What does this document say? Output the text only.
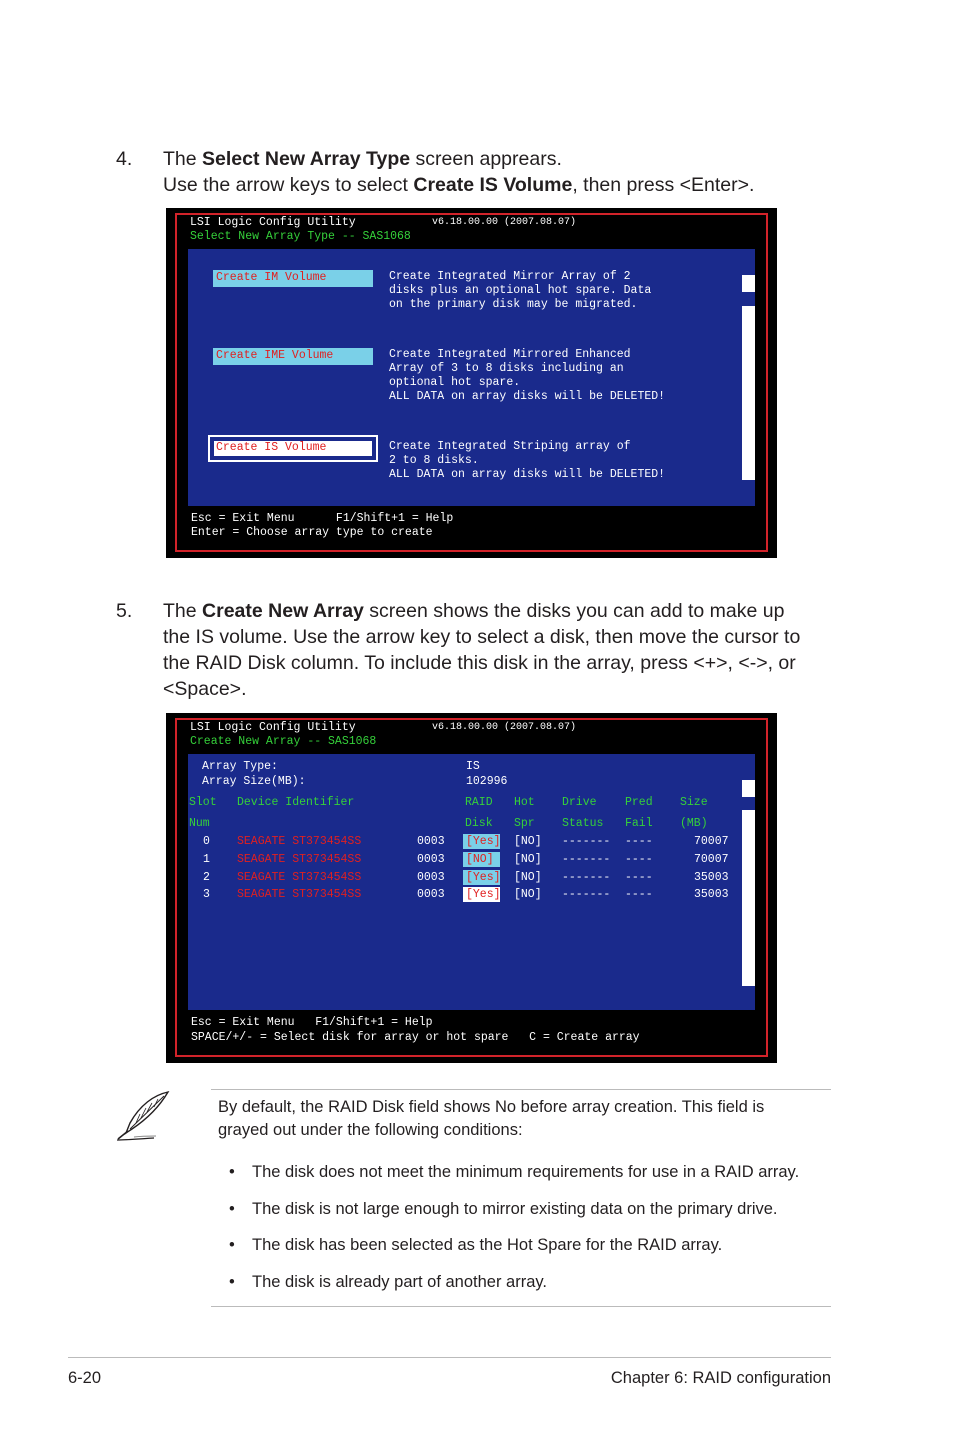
4. The Select New Array Type screen apprears.
Use the arrow keys to select Create IS Volume, then press <Enter>.
LSI Logic Config Utility	v6.18.00.00 (2007.08.07)
Select New Array Type -- SAS1068
Create IM Volume	Create Integrated Mirror Array of 2
disks plus an optional hot spare. Data
on the primary disk may be migrated.
Create IME Volume	Create Integrated Mirrored Enhanced
Array of 3 to 8 disks including an
optional hot spare.
ALL DATA on array disks will be DELETED!
Create IS Volume	Create Integrated Striping array of
2 to 8 disks.
ALL DATA on array disks will be DELETED!
Esc = Exit Menu      F1/Shift+1 = Help
Enter = Choose array type to create
5. The Create New Array screen shows the disks you can add to make up
the IS volume. Use the arrow key to select a disk, then move the cursor to
the RAID Disk column. To include this disk in the array, press <+>, <->, or
<Space>.
LSI Logic Config Utility	v6.18.00.00 (2007.08.07)
Create New Array -- SAS1068
Array Type:	IS
Array Size(MB):	102996
Slot Device Identifier	RAID Hot Drive Pred Size
Num	Disk Spr Status Fail (MB)
0 SEAGATE ST373454SS	0003 [Yes] [NO] ------- ----	70007
1 SEAGATE ST373454SS	0003 [NO] [NO] ------- ----	70007
2 SEAGATE ST373454SS	0003 [Yes] [NO] ------- ----	35003
3 SEAGATE ST373454SS	0003 [Yes] [NO] ------- ----	35003
Esc = Exit Menu   F1/Shift+1 = Help
SPACE/+/- = Select disk for array or hot spare   C = Create array
By default, the RAID Disk field shows No before array creation. This field is
grayed out under the following conditions:
• The disk does not meet the minimum requirements for use in a RAID array.
• The disk is not large enough to mirror existing data on the primary drive.
• The disk has been selected as the Hot Spare for the RAID array.
• The disk is already part of another array.
6-20	Chapter 6: RAID configuration
